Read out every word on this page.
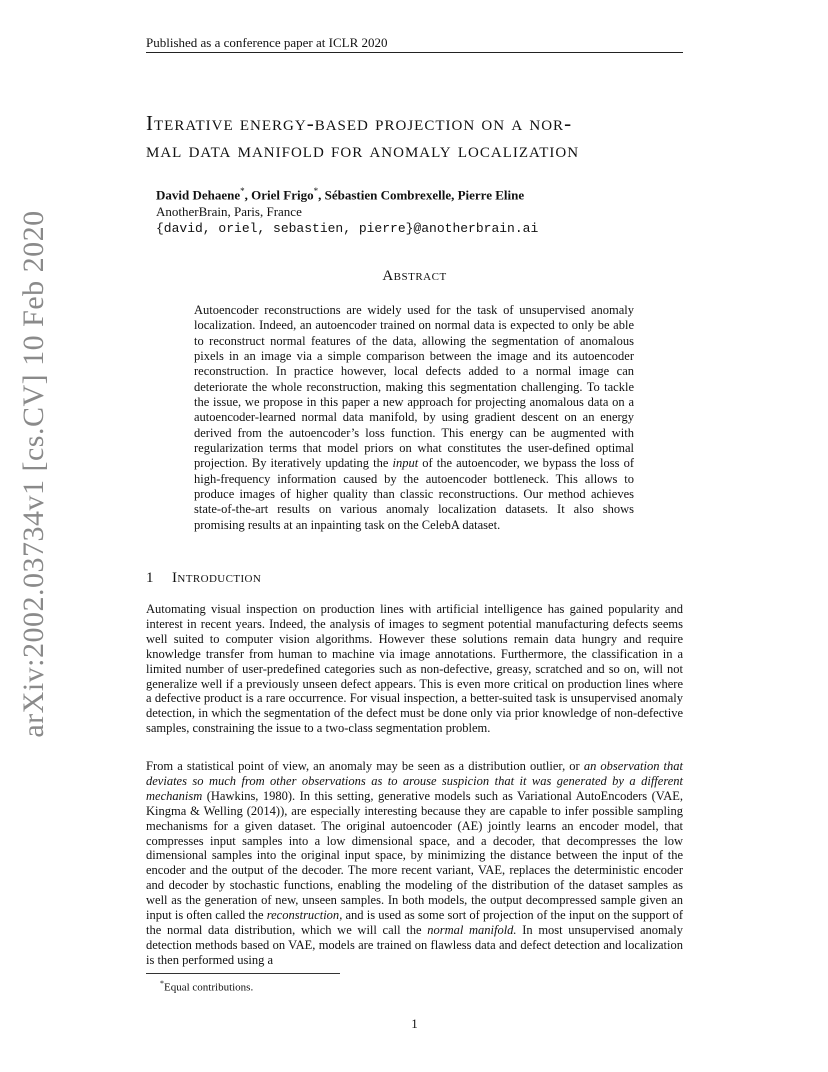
Published as a conference paper at ICLR 2020
arXiv:2002.03734v1 [cs.CV] 10 Feb 2020
Iterative energy-based projection on a nor-
mal data manifold for anomaly localization
David Dehaene*, Oriel Frigo*, Sébastien Combrexelle, Pierre Eline
AnotherBrain, Paris, France
{david, oriel, sebastien, pierre}@anotherbrain.ai
Abstract
Autoencoder reconstructions are widely used for the task of unsupervised anomaly localization. Indeed, an autoencoder trained on normal data is expected to only be able to reconstruct normal features of the data, allowing the segmentation of anomalous pixels in an image via a simple comparison between the image and its autoencoder reconstruction. In practice however, local defects added to a normal image can deteriorate the whole reconstruction, making this segmentation challenging. To tackle the issue, we propose in this paper a new approach for projecting anomalous data on a autoencoder-learned normal data manifold, by using gradient descent on an energy derived from the autoencoder’s loss function. This energy can be augmented with regularization terms that model priors on what constitutes the user-defined optimal projection. By iteratively updating the input of the autoencoder, we bypass the loss of high-frequency information caused by the autoencoder bottleneck. This allows to produce images of higher quality than classic reconstructions. Our method achieves state-of-the-art results on various anomaly localization datasets. It also shows promising results at an inpainting task on the CelebA dataset.
1 Introduction
Automating visual inspection on production lines with artificial intelligence has gained popularity and interest in recent years. Indeed, the analysis of images to segment potential manufacturing defects seems well suited to computer vision algorithms. However these solutions remain data hungry and require knowledge transfer from human to machine via image annotations. Furthermore, the classification in a limited number of user-predefined categories such as non-defective, greasy, scratched and so on, will not generalize well if a previously unseen defect appears. This is even more critical on production lines where a defective product is a rare occurrence. For visual inspection, a better-suited task is unsupervised anomaly detection, in which the segmentation of the defect must be done only via prior knowledge of non-defective samples, constraining the issue to a two-class segmentation problem.
From a statistical point of view, an anomaly may be seen as a distribution outlier, or an observation that deviates so much from other observations as to arouse suspicion that it was generated by a different mechanism (Hawkins, 1980). In this setting, generative models such as Variational AutoEncoders (VAE, Kingma & Welling (2014)), are especially interesting because they are capable to infer possible sampling mechanisms for a given dataset. The original autoencoder (AE) jointly learns an encoder model, that compresses input samples into a low dimensional space, and a decoder, that decompresses the low dimensional samples into the original input space, by minimizing the distance between the input of the encoder and the output of the decoder. The more recent variant, VAE, replaces the deterministic encoder and decoder by stochastic functions, enabling the modeling of the distribution of the dataset samples as well as the generation of new, unseen samples. In both models, the output decompressed sample given an input is often called the reconstruction, and is used as some sort of projection of the input on the support of the normal data distribution, which we will call the normal manifold. In most unsupervised anomaly detection methods based on VAE, models are trained on flawless data and defect detection and localization is then performed using a
*Equal contributions.
1
